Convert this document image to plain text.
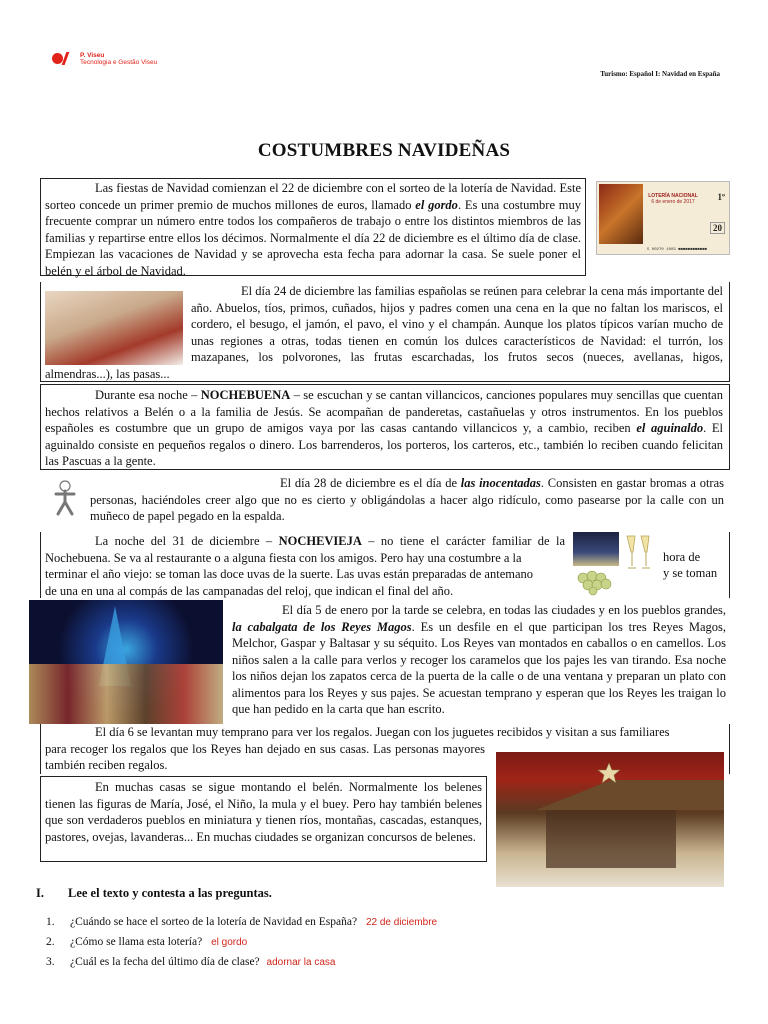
P. Viseu
Tecnologia e Gestão Viseu
Turismo: Español I: Navidad en España
COSTUMBRES NAVIDEÑAS

Las fiestas de Navidad comienzan el 22 de diciembre con el sorteo de la lotería de Navidad. Este sorteo concede un primer premio de muchos millones de euros, llamado el gordo. Es una costumbre muy frecuente comprar un número entre todos los compañeros de trabajo o entre los distintos miembros de las familias y repartirse entre ellos los décimos. Normalmente el día 22 de diciembre es el último día de clase. Empiezan las vacaciones de Navidad y se aprovecha esta fecha para adornar la casa. Se suele poner el belén y el árbol de Navidad.

LOTERÍA NACIONAL
6 de enero de 2017	1º
20
5 00270 1003 ■■■■■■■■■■■■

El día 24 de diciembre las familias españolas se reúnen para celebrar la cena más importante del año. Abuelos, tíos, primos, cuñados, hijos y padres comen una cena en la que no faltan los mariscos, el cordero, el besugo, el jamón, el pavo, el vino y el champán. Aunque los platos típicos varían mucho de unas regiones a otras, todas tienen en común los dulces característicos de Navidad: el turrón, los mazapanes, los polvorones, las frutas escarchadas, los frutos secos (nueces, avellanas, higos, almendras...), las pasas...

Durante esa noche – NOCHEBUENA – se escuchan y se cantan villancicos, canciones populares muy sencillas que cuentan hechos relativos a Belén o a la familia de Jesús. Se acompañan de panderetas, castañuelas y otros instrumentos. En los pueblos españoles es costumbre que un grupo de amigos vaya por las casas cantando villancicos y, a cambio, reciben el aguinaldo. El aguinaldo consiste en pequeños regalos o dinero. Los barrenderos, los porteros, los carteros, etc., también lo reciben cuando felicitan las Pascuas a la gente.

El día 28 de diciembre es el día de las inocentadas. Consisten en gastar bromas a otras personas, haciéndoles creer algo que no es cierto y obligándolas a hacer algo ridículo, como pasearse por la calle con un muñeco de papel pegado en la espalda.

La noche del 31 de diciembre – NOCHEVIEJA – no tiene el carácter familiar de la Nochebuena. Se va al restaurante o a alguna fiesta con los amigos. Pero hay una costumbre a la	hora de
terminar el año viejo: se toman las doce uvas de la suerte. Las uvas están preparadas de antemano	y se toman
de una en una al compás de las campanadas del reloj, que indican el final del año.

El día 5 de enero por la tarde se celebra, en todas las ciudades y en los pueblos grandes, la cabalgata de los Reyes Magos. Es un desfile en el que participan los tres Reyes Magos, Melchor, Gaspar y Baltasar y su séquito. Los Reyes van montados en caballos o en camellos. Los niños salen a la calle para verlos y recoger los caramelos que los pajes les van tirando. Esa noche los niños dejan los zapatos cerca de la puerta de la calle o de una ventana y preparan un plato con alimentos para los Reyes y sus pajes. Se acuestan temprano y esperan que los Reyes les traigan lo que han pedido en la carta que han escrito.

El día 6 se levantan muy temprano para ver los regalos. Juegan con los juguetes recibidos y visitan a sus familiares

para recoger los regalos que los Reyes han dejado en sus casas. Las personas mayores también reciben regalos.

En muchas casas se sigue montando el belén. Normalmente los belenes tienen las figuras de María, José, el Niño, la mula y el buey. Pero hay también belenes que son verdaderos pueblos en miniatura y tienen ríos, montañas, cascadas, estanques, pastores, ovejas, lavanderas... En muchas ciudades se organizan concursos de belenes.

I. Lee el texto y contesta a las preguntas.
1. ¿Cuándo se hace el sorteo de la lotería de Navidad en España? 22 de diciembre
2. ¿Cómo se llama esta lotería? el gordo
3. ¿Cuál es la fecha del último día de clase? adornar la casa
